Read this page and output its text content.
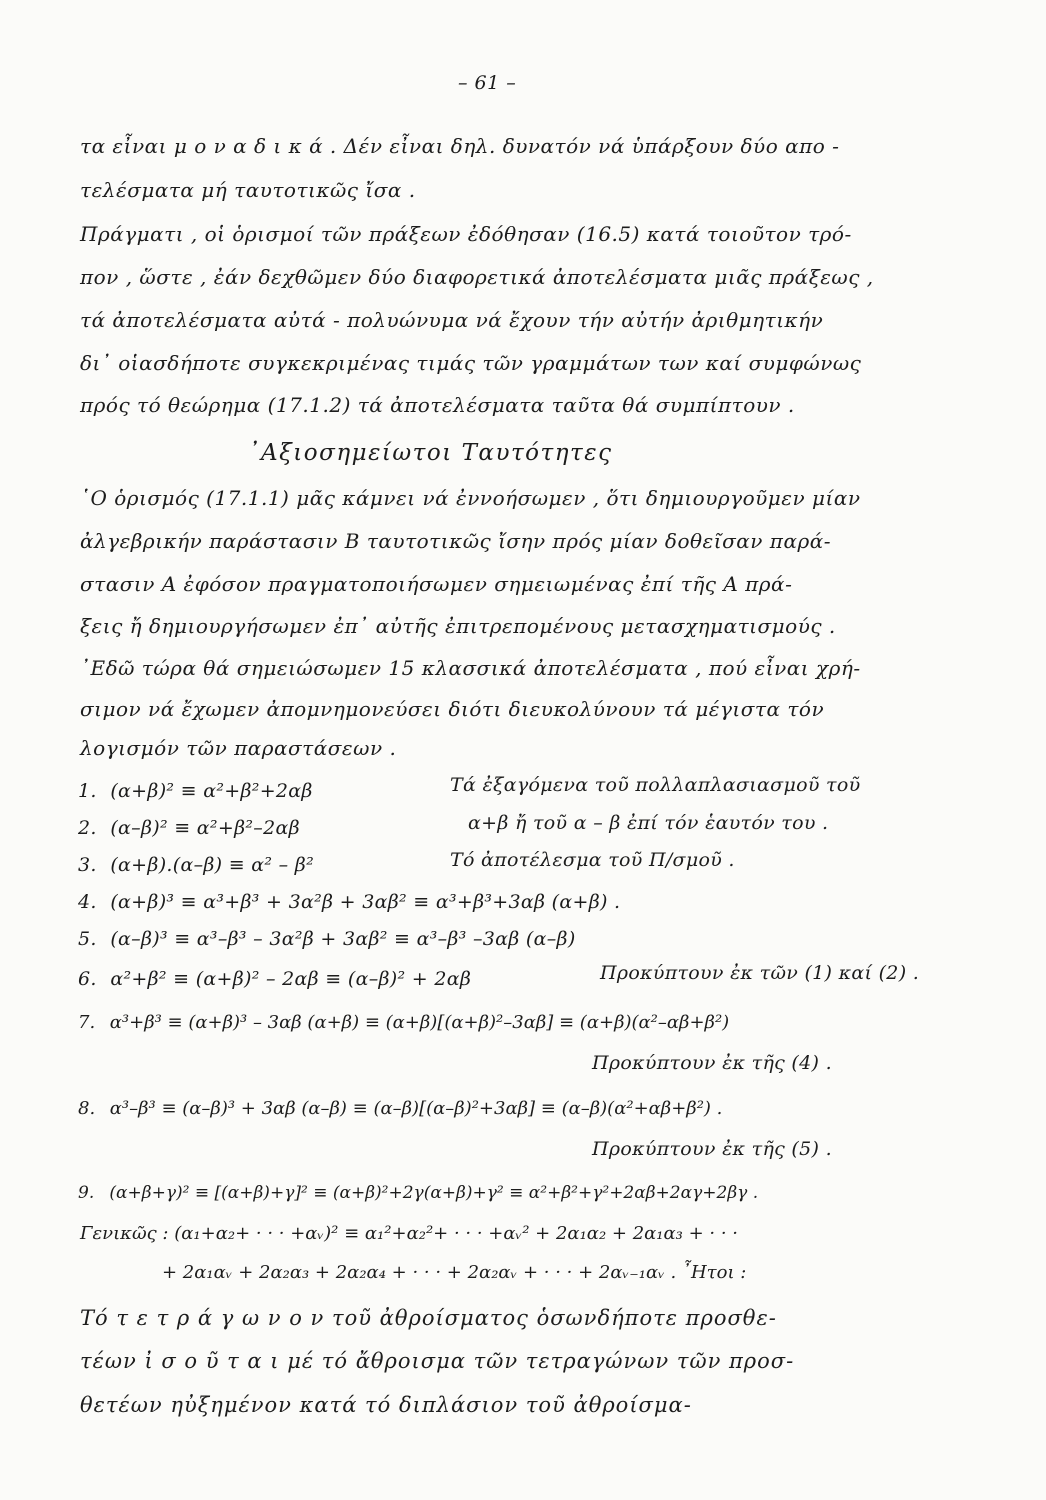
– 61 –
τα εἶναι μ ο ν α δ ι κ ά . Δέν εἶναι δηλ. δυνατόν νά ὑπάρξουν δύο απο -
τελέσματα μή ταυτοτικῶς ἴσα .
Πράγματι , οἱ ὁρισμοί τῶν πράξεων ἐδόθησαν (16.5) κατά τοιοῦτον τρό-
πον , ὥστε , ἐάν δεχθῶμεν δύο διαφορετικά ἀποτελέσματα μιᾶς πράξεως ,
τά ἀποτελέσματα αὐτά - πολυώνυμα νά ἔχουν τήν αὐτήν ἀριθμητικήν
δι᾽ οἱασδήποτε συγκεκριμένας τιμάς τῶν γραμμάτων των καί συμφώνως
πρός τό θεώρημα (17.1.2) τά ἀποτελέσματα ταῦτα θά συμπίπτουν .
᾽Αξιοσημείωτοι Ταυτότητες
῾Ο ὁρισμός (17.1.1) μᾶς κάμνει νά ἐννοήσωμεν , ὅτι δημιουργοῦμεν μίαν
ἀλγεβρικήν παράστασιν Β ταυτοτικῶς ἴσην πρός μίαν δοθεῖσαν παρά-
στασιν Α ἐφόσον πραγματοποιήσωμεν σημειωμένας ἐπί τῆς Α πρά-
ξεις ἤ δημιουργήσωμεν ἐπ᾽ αὐτῆς ἐπιτρεπομένους μετασχηματισμούς .
᾽Εδῶ τώρα θά σημειώσωμεν 15 κλασσικά ἀποτελέσματα , πού εἶναι χρή-
σιμον νά ἔχωμεν ἀπομνημονεύσει διότι διευκολύνουν τά μέγιστα τόν
λογισμόν τῶν παραστάσεων .
1. (α+β)² ≡ α²+β²+2αβ	Τά ἐξαγόμενα τοῦ πολλαπλασιασμοῦ τοῦ
2. (α–β)² ≡ α²+β²–2αβ	α+β ἤ τοῦ α – β ἐπί τόν ἑαυτόν του .
3. (α+β).(α–β) ≡ α² – β²	Τό ἀποτέλεσμα τοῦ Π/σμοῦ .
4. (α+β)³ ≡ α³+β³ + 3α²β + 3αβ² ≡ α³+β³+3αβ (α+β) .
5. (α–β)³ ≡ α³–β³ – 3α²β + 3αβ² ≡ α³–β³ –3αβ (α–β)
6. α²+β² ≡ (α+β)² – 2αβ ≡ (α–β)² + 2αβ	Προκύπτουν ἐκ τῶν (1) καί (2) .
7. α³+β³ ≡ (α+β)³ – 3αβ (α+β) ≡ (α+β)[(α+β)²–3αβ] ≡ (α+β)(α²–αβ+β²)
Προκύπτουν ἐκ τῆς (4) .
8. α³–β³ ≡ (α–β)³ + 3αβ (α–β) ≡ (α–β)[(α–β)²+3αβ] ≡ (α–β)(α²+αβ+β²) .
Προκύπτουν ἐκ τῆς (5) .
9. (α+β+γ)² ≡ [(α+β)+γ]² ≡ (α+β)²+2γ(α+β)+γ² ≡ α²+β²+γ²+2αβ+2αγ+2βγ .
Γενικῶς : (α₁+α₂+ · · · +αᵥ)² ≡ α₁²+α₂²+ · · · +αᵥ² + 2α₁α₂ + 2α₁α₃ + · · ·
+ 2α₁αᵥ + 2α₂α₃ + 2α₂α₄ + · · · + 2α₂αᵥ + · · · + 2αᵥ₋₁αᵥ . ῏Ητοι :
Τό τ ε τ ρ ά γ ω ν ο ν τοῦ ἀθροίσματος ὁσωνδήποτε προσθε-
τέων ἰ σ ο ῦ τ α ι μέ τό ἄθροισμα τῶν τετραγώνων τῶν προσ-
θετέων ηὐξημένον κατά τό διπλάσιον τοῦ ἀθροίσμα-
